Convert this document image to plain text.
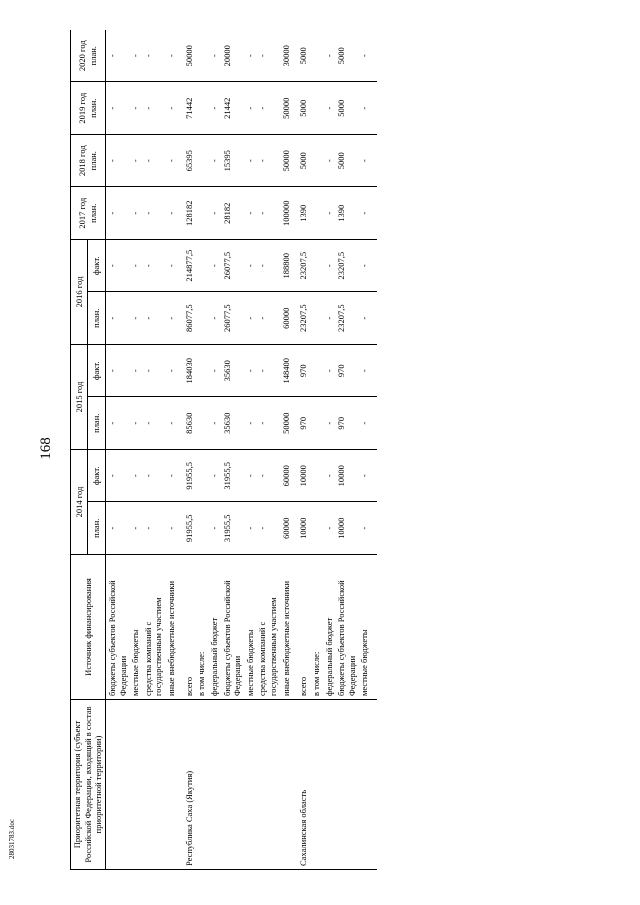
168
2803178З.doc	Приоритетная территория (субъект Российской Федерации, входящий в состав приоритетной территории)	Источник финансирования	2014 год		2015 год		2016 год		2017 год план.	2018 год план.	2019 год план.	2020 год план.
		план.	факт.	план.	факт.	план.	факт.				
	бюджеты субъектов Российской Федерации	-	-	-	-	-	-	-	-	-	-
	местные бюджеты	-	-	-	-	-	-	-	-	-	-
	средства компаний с государственным участием	-	-	-	-	-	-	-	-	-	-
	иные внебюджетные источники	-	-	-	-	-	-	-	-	-	-
Республика Саха (Якутия)	всего	91955,5	91955,5	85630	184030	86077,5	214877,5	128182	65395	71442	50000
	в том числе:										
	федеральный бюджет	-	-	-	-	-	-	-	-	-	-
	бюджеты субъектов Российской Федерации	31955,5	31955,5	35630	35630	26077,5	26077,5	28182	15395	21442	20000
	местные бюджеты	-	-	-	-	-	-	-	-	-	-
	средства компаний с государственным участием	-	-	-	-	-	-	-	-	-	-
	иные внебюджетные источники	60000	60000	50000	148400	60000	188800	100000	50000	50000	30000
Сахалинская область	всего	10000	10000	970	970	23207,5	23207,5	1390	5000	5000	5000
	в том числе:										
	федеральный бюджет	-	-	-	-	-	-	-	-	-	-
	бюджеты субъектов Российской Федерации	10000	10000	970	970	23207,5	23207,5	1390	5000	5000	5000
	местные бюджеты	-	-	-	-	-	-	-	-	-	-
